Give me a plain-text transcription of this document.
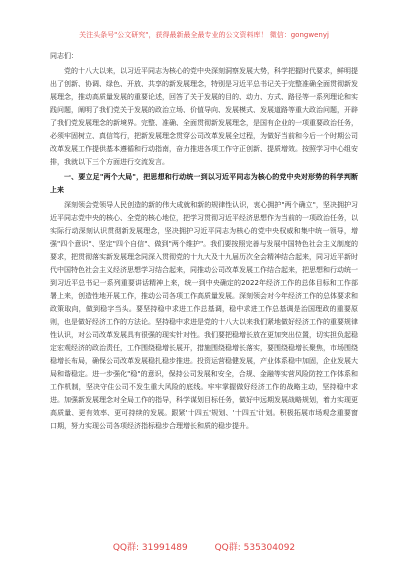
关注头条号"公文研究"，获得最新最全最专业的公文资料库！ 微信：gongwenyj

同志们：

党的十八大以来，以习近平同志为核心的党中央深刻洞察发展大势，科学把握时代要求，鲜明提出了创新、协调、绿色、开放、共享的新发展理念，特别是习近平总书记关于完整准确全面贯彻新发展理念，推动高质量发展的重要论述，回答了关于发展的目的、动力、方式、路径等一系列理论和实践问题，阐明了我们党关于发展的政治立场、价值导向、发展模式、发展道路等重大政治问题，开辟了我们党发展理念的新境界。完整、准确、全面贯彻新发展理念，是国有企业的一项重要政治任务，必须牢固树立、真信笃行，把新发展理念贯穿公司改革发展全过程，为做好当前和今后一个时期公司改革发展工作提供基本遵循和行动指南，奋力推进各项工作守正创新、提质增效。按照学习中心组安排，我就以下三个方面进行交流发言。

一、要立足"两个大局"，把思想和行动统一到以习近平同志为核心的党中央对形势的科学判断上来

深刻领会党领导人民创造的新的伟大成就和新的规律性认识，衷心拥护"两个确立"，坚决拥护习近平同志党中央的核心、全党的核心地位，把学习贯彻习近平经济思想作为当前的一项政治任务，以实际行动深刻认识贯彻新发展理念，坚决拥护习近平同志为核心的党中央权威和集中统一领导，增强"四个意识"、坚定"四个自信"、做到"两个维护"。我们要按照完善与发展中国特色社会主义制度的要求，把贯彻落实新发展理念同深入贯彻党的十九大及十九届历次全会精神结合起来，同习近平新时代中国特色社会主义经济思想学习结合起来，同推动公司改革发展工作结合起来，把思想和行动统一到习近平总书记一系列重要讲话精神上来，统一到中央确定的2022年经济工作的总体目标和工作部署上来，创造性地开展工作，推动公司各项工作高质量发展。深刻领会对今年经济工作的总体要求和政策取向，做到稳字当头。要坚持稳中求进工作总基调，稳中求进工作总基调是治国理政的重要原则，也是做好经济工作的方法论。坚持稳中求进是党的十八大以来我们紧地做好经济工作的重要规律性认识，对公司改革发展具有很强的现实针对性。我们要把稳增长放在更加突出位置，切实担负起稳定宏观经济的政治责任，工作围绕稳增长展开，措施围绕稳增长落实，要围绕稳增长聚焦，市场围绕稳增长布局，确保公司改革发展稳扎稳步推进。投资运营稳健发展，产业体系稳中加固，企业发展大局和谐稳定。进一步强化"稳"的意识，保持公司发展和安全，合规、金融等实营风险防控工作体系和工作机制，坚决守住公司不发生重大风险的底线。牢牢掌握做好经济工作的战略主动，坚持稳中求进。加强新发展理念对全局工作的指导，科学谋划目标任务，做好中远期发展战略规划，着力实现更高质量、更有效率、更可持续的发展。跟紧'十四五'规划、'十四五'计划。积极拓展市场观念重要窗口期，努力实现公司各项经济指标稳步合理增长和质的稳步提升。

QQ群: 31991489	QQ群: 535304092
